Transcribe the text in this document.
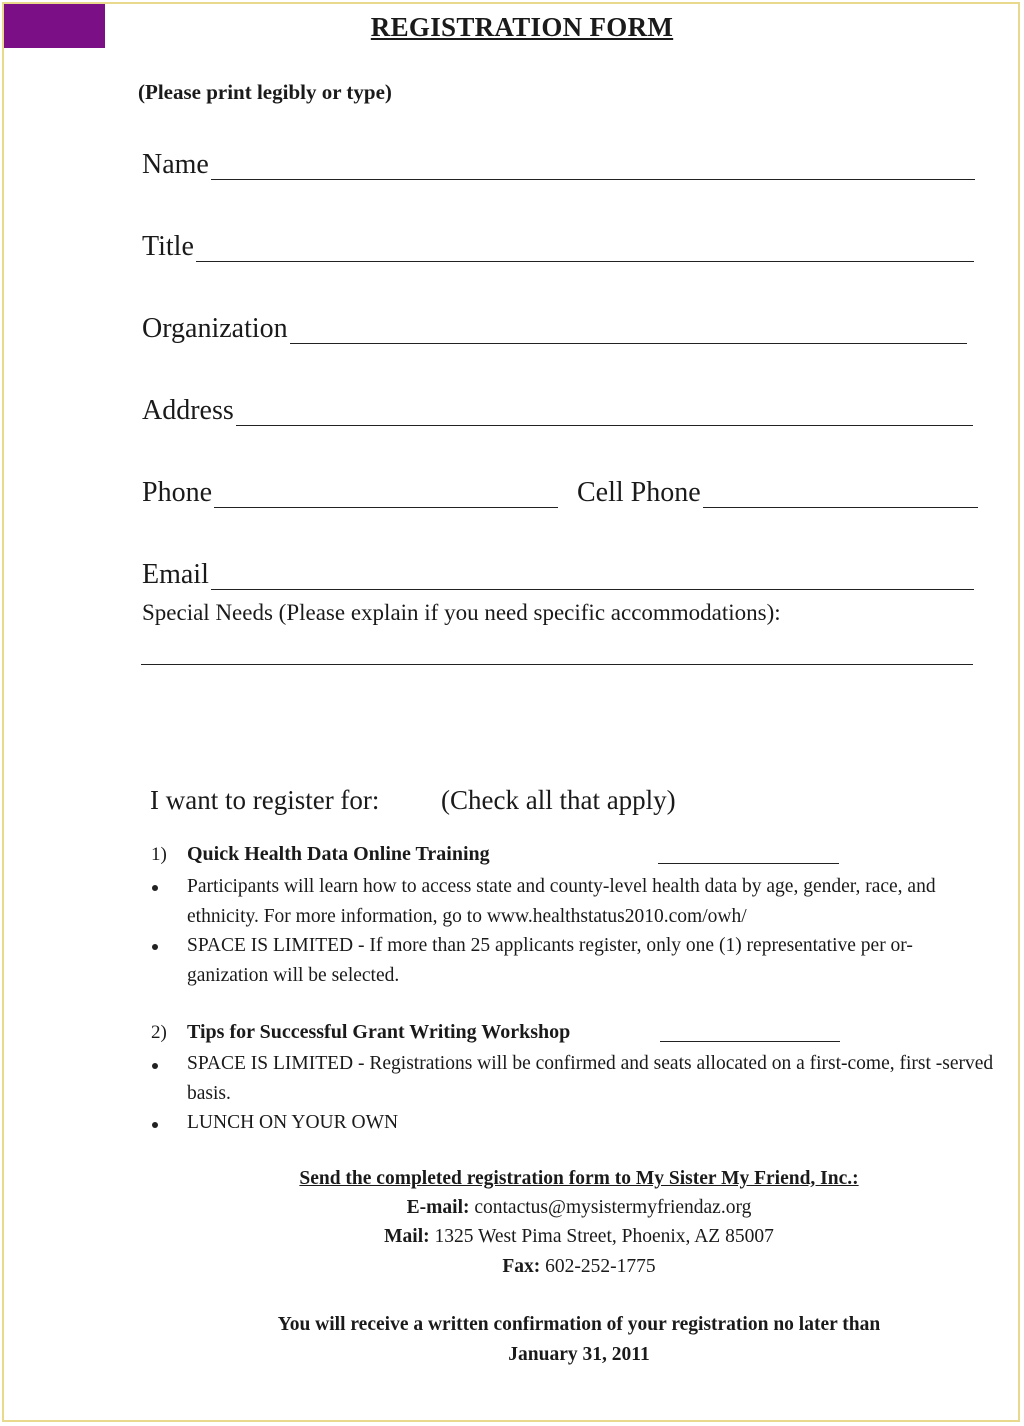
REGISTRATION FORM
(Please print legibly or type)
Name
Title
Organization
Address
Phone	Cell Phone
Email
Special Needs (Please explain if you need specific accommodations):
I want to register for: (Check all that apply)
1) Quick Health Data Online Training
Participants will learn how to access state and county-level health data by age, gender, race, and ethnicity. For more information, go to www.healthstatus2010.com/owh/
SPACE IS LIMITED - If more than 25 applicants register, only one (1) representative per or-ganization will be selected.
2) Tips for Successful Grant Writing Workshop
SPACE IS LIMITED - Registrations will be confirmed and seats allocated on a first-come, first -served basis.
LUNCH ON YOUR OWN
Send the completed registration form to My Sister My Friend, Inc.:
E-mail: contactus@mysistermyfriendaz.org
Mail: 1325 West Pima Street, Phoenix, AZ 85007
Fax: 602-252-1775
You will receive a written confirmation of your registration no later than
January 31, 2011
